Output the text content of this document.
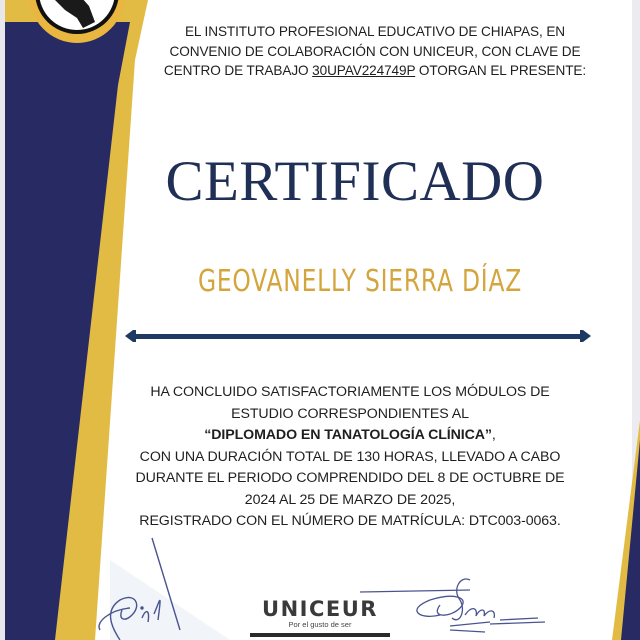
EL INSTITUTO PROFESIONAL EDUCATIVO DE CHIAPAS, EN
CONVENIO DE COLABORACIÓN CON UNICEUR, CON CLAVE DE
CENTRO DE TRABAJO 30UPAV224749P OTORGAN EL PRESENTE:
CERTIFICADO
GEOVANELLY SIERRA DÍAZ
HA CONCLUIDO SATISFACTORIAMENTE LOS MÓDULOS DE
ESTUDIO CORRESPONDIENTES AL
“DIPLOMADO EN TANATOLOGÍA CLÍNICA”,
CON UNA DURACIÓN TOTAL DE 130 HORAS, LLEVADO A CABO
DURANTE EL PERIODO COMPRENDIDO DEL 8 DE OCTUBRE DE
2024 AL 25 DE MARZO DE 2025,
REGISTRADO CON EL NÚMERO DE MATRÍCULA: DTC003-0063.
UNICEUR
Por el gusto de ser
